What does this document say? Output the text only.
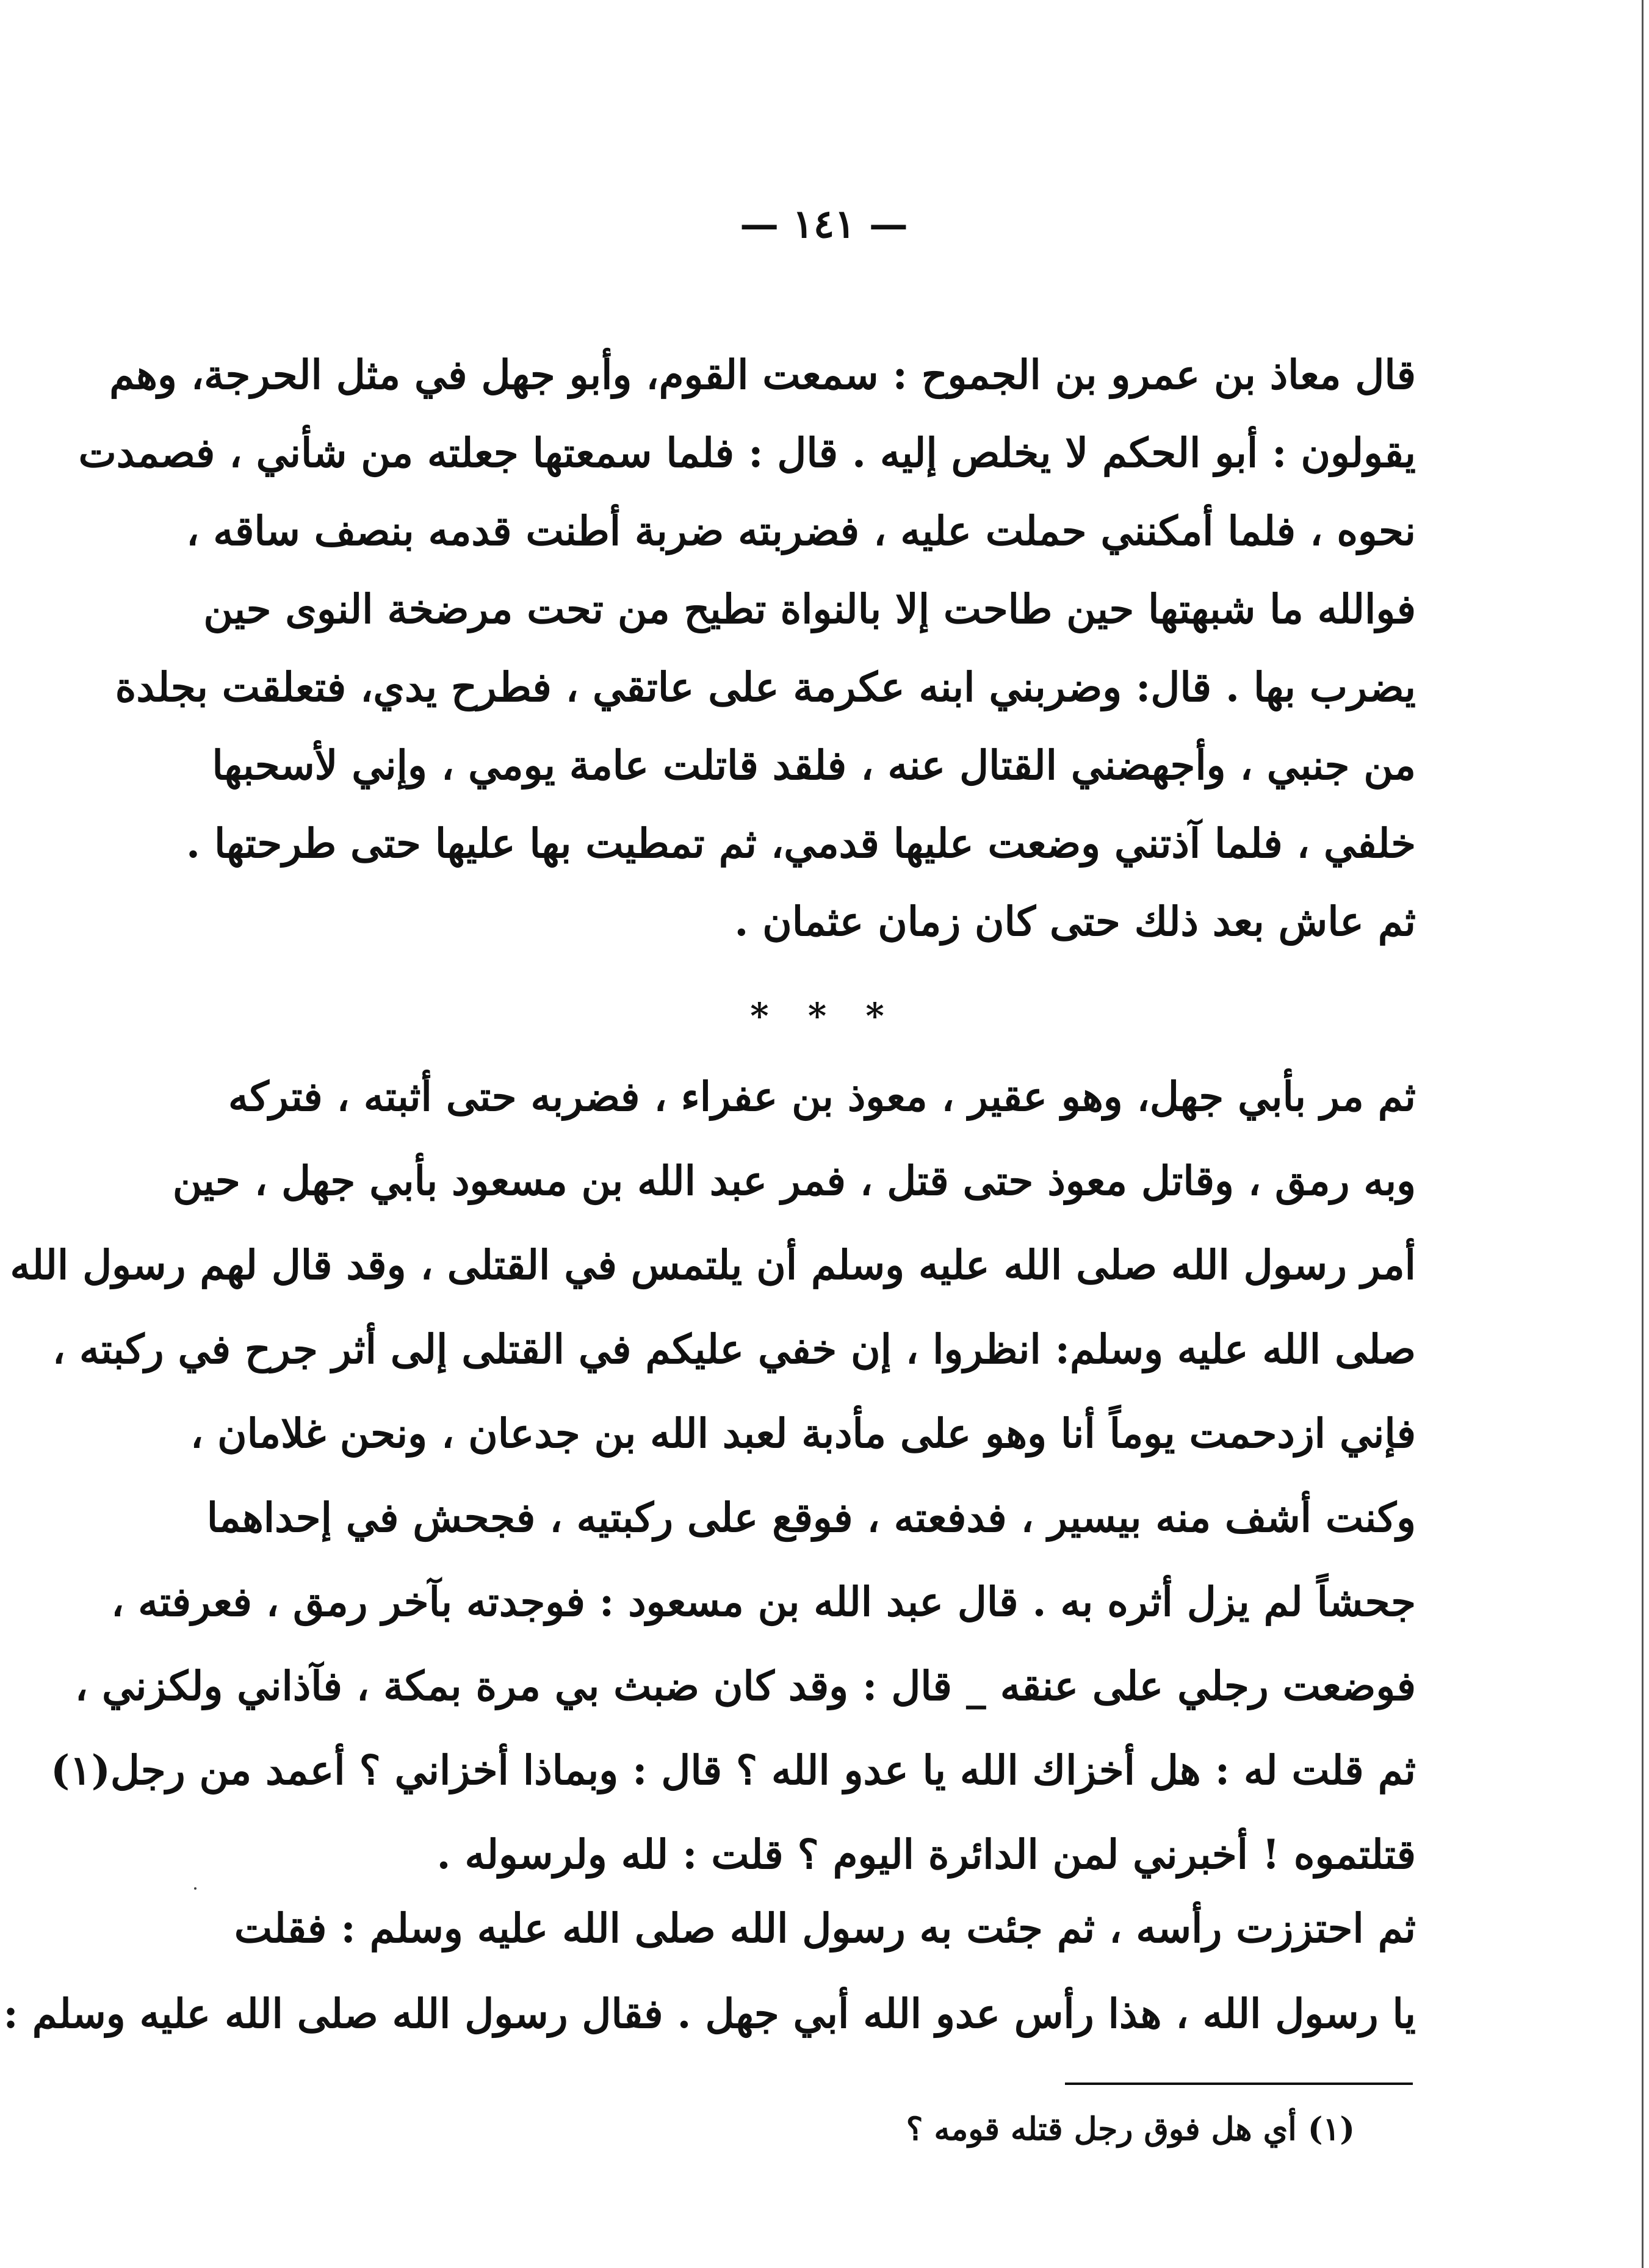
— ١٤١ —
قال معاذ بن عمرو بن الجموح : سمعت القوم، وأبو جهل في مثل الحرجة، وهم
يقولون : أبو الحكم لا يخلص إليه . قال : فلما سمعتها جعلته من شأني ، فصمدت
نحوه ، فلما أمكنني حملت عليه ، فضربته ضربة أطنت قدمه بنصف ساقه ،
فوالله ما شبهتها حين طاحت إلا بالنواة تطيح من تحت مرضخة النوى حين
يضرب بها . قال: وضربني ابنه عكرمة على عاتقي ، فطرح يدي، فتعلقت بجلدة
من جنبي ، وأجهضني القتال عنه ، فلقد قاتلت عامة يومي ، وإني لأسحبها
خلفي ، فلما آذتني وضعت عليها قدمي، ثم تمطيت بها عليها حتى طرحتها .
ثم عاش بعد ذلك حتى كان زمان عثمان .
* * *
ثم مر بأبي جهل، وهو عقير ، معوذ بن عفراء ، فضربه حتى أثبته ، فتركه
وبه رمق ، وقاتل معوذ حتى قتل ، فمر عبد الله بن مسعود بأبي جهل ، حين
أمر رسول الله صلى الله عليه وسلم أن يلتمس في القتلى ، وقد قال لهم رسول الله
صلى الله عليه وسلم: انظروا ، إن خفي عليكم في القتلى إلى أثر جرح في ركبته ،
فإني ازدحمت يوماً أنا وهو على مأدبة لعبد الله بن جدعان ، ونحن غلامان ،
وكنت أشف منه بيسير ، فدفعته ، فوقع على ركبتيه ، فجحش في إحداهما
جحشاً لم يزل أثره به . قال عبد الله بن مسعود : فوجدته بآخر رمق ، فعرفته ،
فوضعت رجلي على عنقه _ قال : وقد كان ضبث بي مرة بمكة ، فآذاني ولكزني ،
ثم قلت له : هل أخزاك الله يا عدو الله ؟ قال : وبماذا أخزاني ؟ أعمد من رجل(١)
قتلتموه ! أخبرني لمن الدائرة اليوم ؟ قلت : لله ولرسوله .
ثم احتززت رأسه ، ثم جئت به رسول الله صلى الله عليه وسلم : فقلت
يا رسول الله ، هذا رأس عدو الله أبي جهل . فقال رسول الله صلى الله عليه وسلم :
(١) أي هل فوق رجل قتله قومه ؟
